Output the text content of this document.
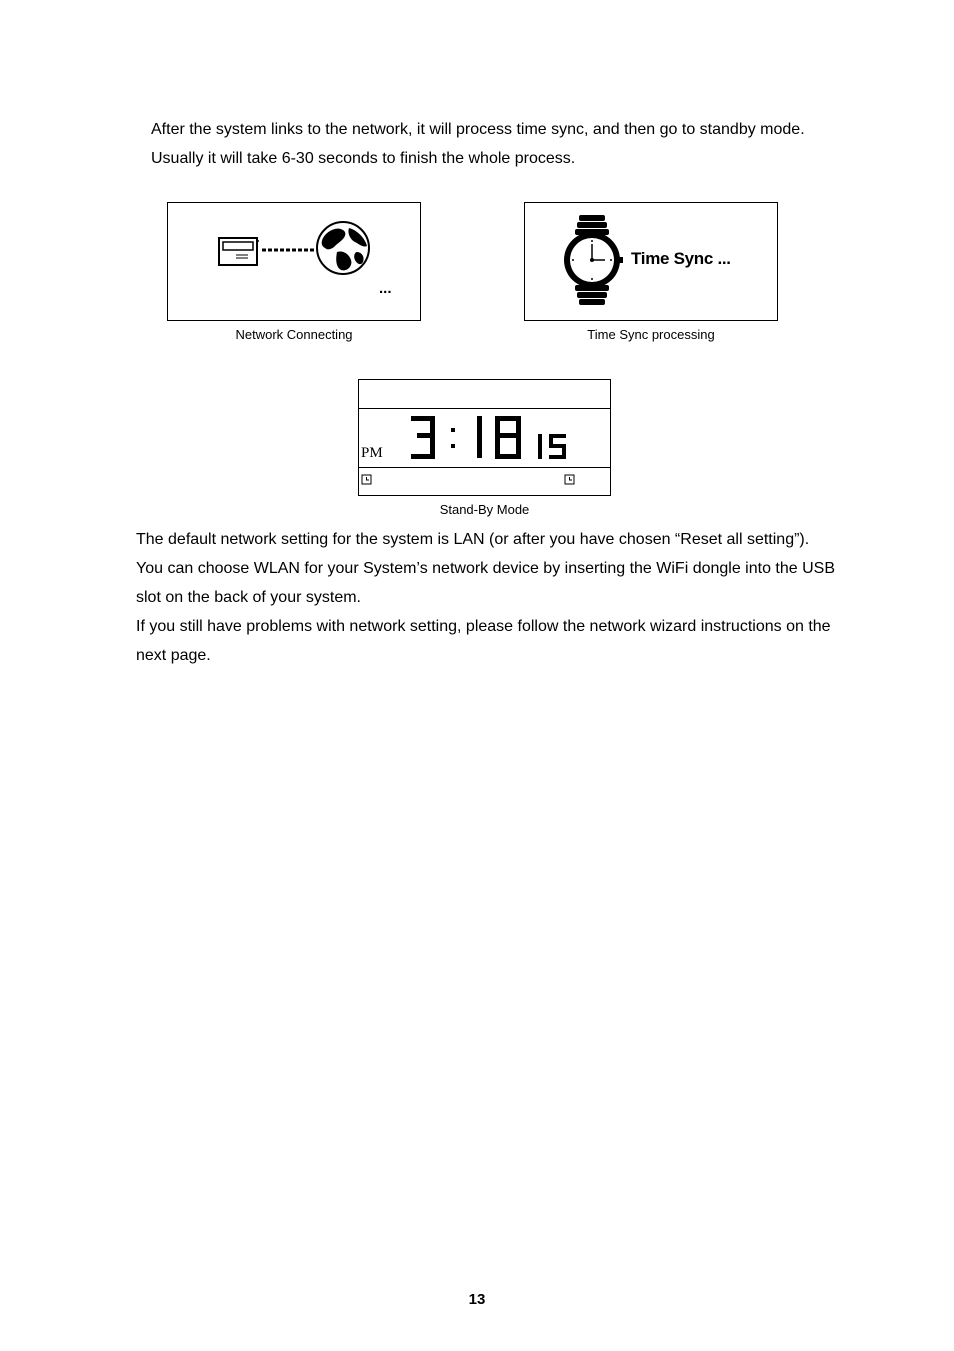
After the system links to the network, it will process time sync, and then go to standby mode. Usually it will take 6-30 seconds to finish the whole process.

...
Network Connecting
Time Sync ...
Time Sync processing
PM
Stand-By Mode

The default network setting for the system is LAN (or after you have chosen “Reset all setting”). You can choose WLAN for your System’s network device by inserting the WiFi dongle into the USB slot on the back of your system.

If you still have problems with network setting, please follow the network wizard instructions on the next page.

13
